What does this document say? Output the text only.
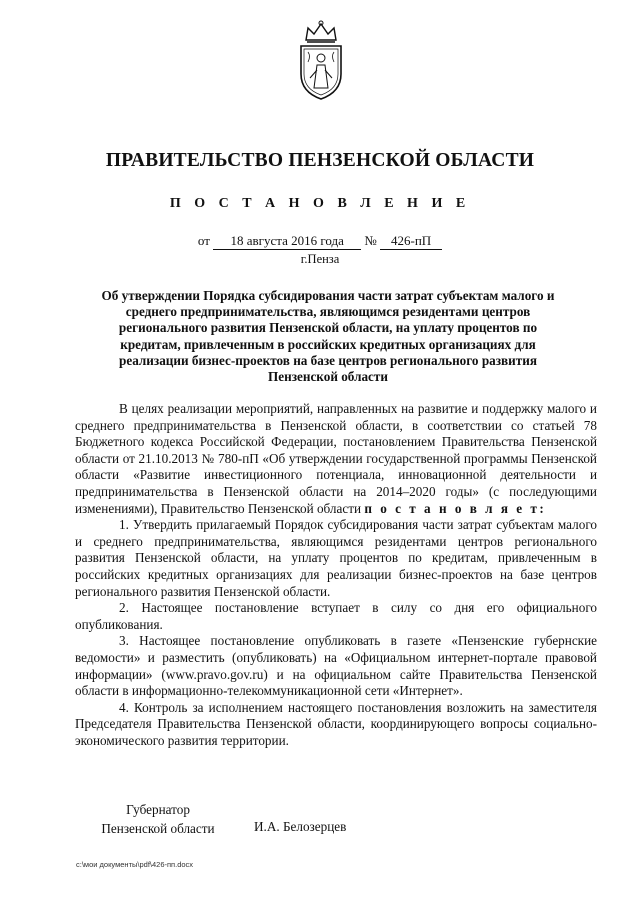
ПРАВИТЕЛЬСТВО ПЕНЗЕНСКОЙ ОБЛАСТИ
П О С Т А Н О В Л Е Н И Е
от 18 августа 2016 года № 426-пП
г.Пенза
Об утверждении Порядка субсидирования части затрат субъектам малого и среднего предпринимательства, являющимся резидентами центров регионального развития Пензенской области, на уплату процентов по кредитам, привлеченным в российских кредитных организациях для реализации бизнес-проектов на базе центров регионального развития Пензенской области

В целях реализации мероприятий, направленных на развитие и поддержку малого и среднего предпринимательства в Пензенской области, в соответствии со статьей 78 Бюджетного кодекса Российской Федерации, постановлением Правительства Пензенской области от 21.10.2013 № 780-пП «Об утверждении государственной программы Пензенской области «Развитие инвестиционного потенциала, инновационной деятельности и предпринимательства в Пензенской области на 2014–2020 годы» (с последующими изменениями), Правительство Пензенской области п о с т а н о в л я е т:

1. Утвердить прилагаемый Порядок субсидирования части затрат субъектам малого и среднего предпринимательства, являющимся резидентами центров регионального развития Пензенской области, на уплату процентов по кредитам, привлеченным в российских кредитных организациях для реализации бизнес-проектов на базе центров регионального развития Пензенской области.

2. Настоящее постановление вступает в силу со дня его официального опубликования.

3. Настоящее постановление опубликовать в газете «Пензенские губернские ведомости» и разместить (опубликовать) на «Официальном интернет-портале правовой информации» (www.pravo.gov.ru) и на официальном сайте Правительства Пензенской области в информационно-телекоммуникационной сети «Интернет».

4. Контроль за исполнением настоящего постановления возложить на заместителя Председателя Правительства Пензенской области, координирующего вопросы социально-экономического развития территории.

Губернатор
Пензенской области	И.А. Белозерцев
c:\мои документы\pdf\426-пп.docx
